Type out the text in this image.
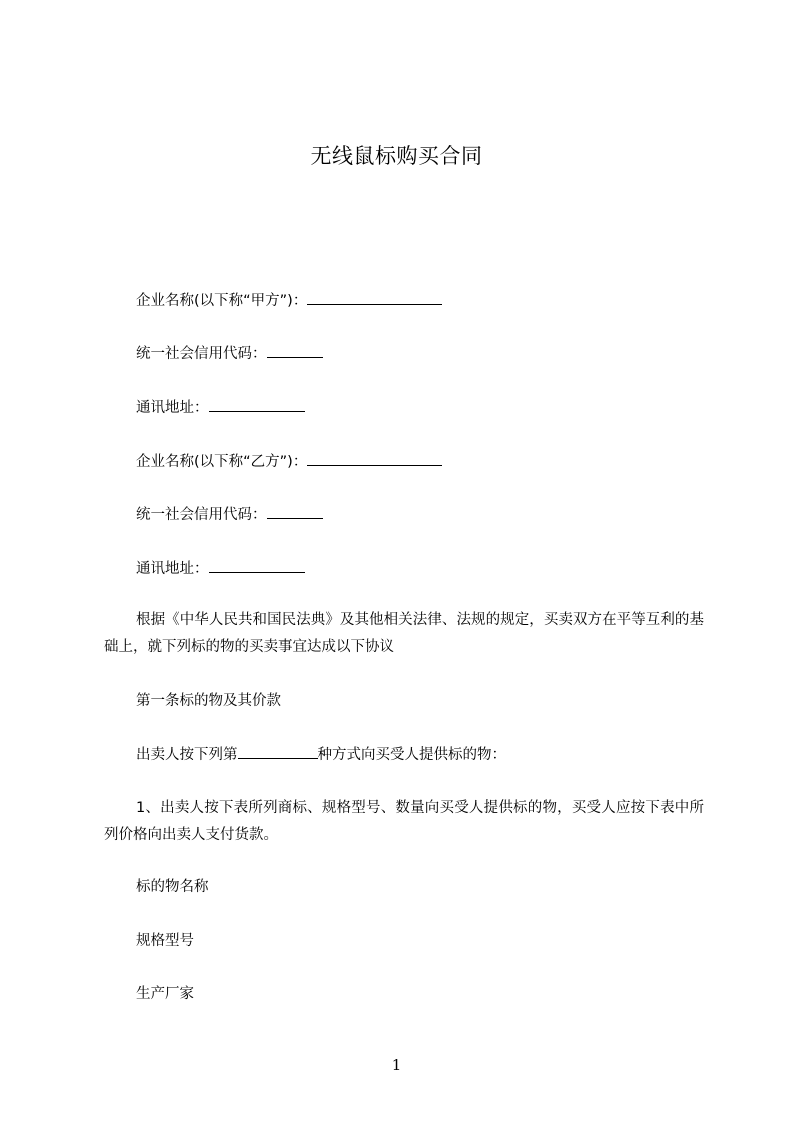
无线鼠标购买合同
企业名称(以下称“甲方”)：
统一社会信用代码：
通讯地址：
企业名称(以下称“乙方”)：
统一社会信用代码：
通讯地址：
根据《中华人民共和国民法典》及其他相关法律、法规的规定，买卖双方在平等互利的基础上，就下列标的物的买卖事宜达成以下协议
第一条标的物及其价款
出卖人按下列第	种方式向买受人提供标的物：
1、出卖人按下表所列商标、规格型号、数量向买受人提供标的物，买受人应按下表中所列价格向出卖人支付货款。
标的物名称
规格型号
生产厂家
1
